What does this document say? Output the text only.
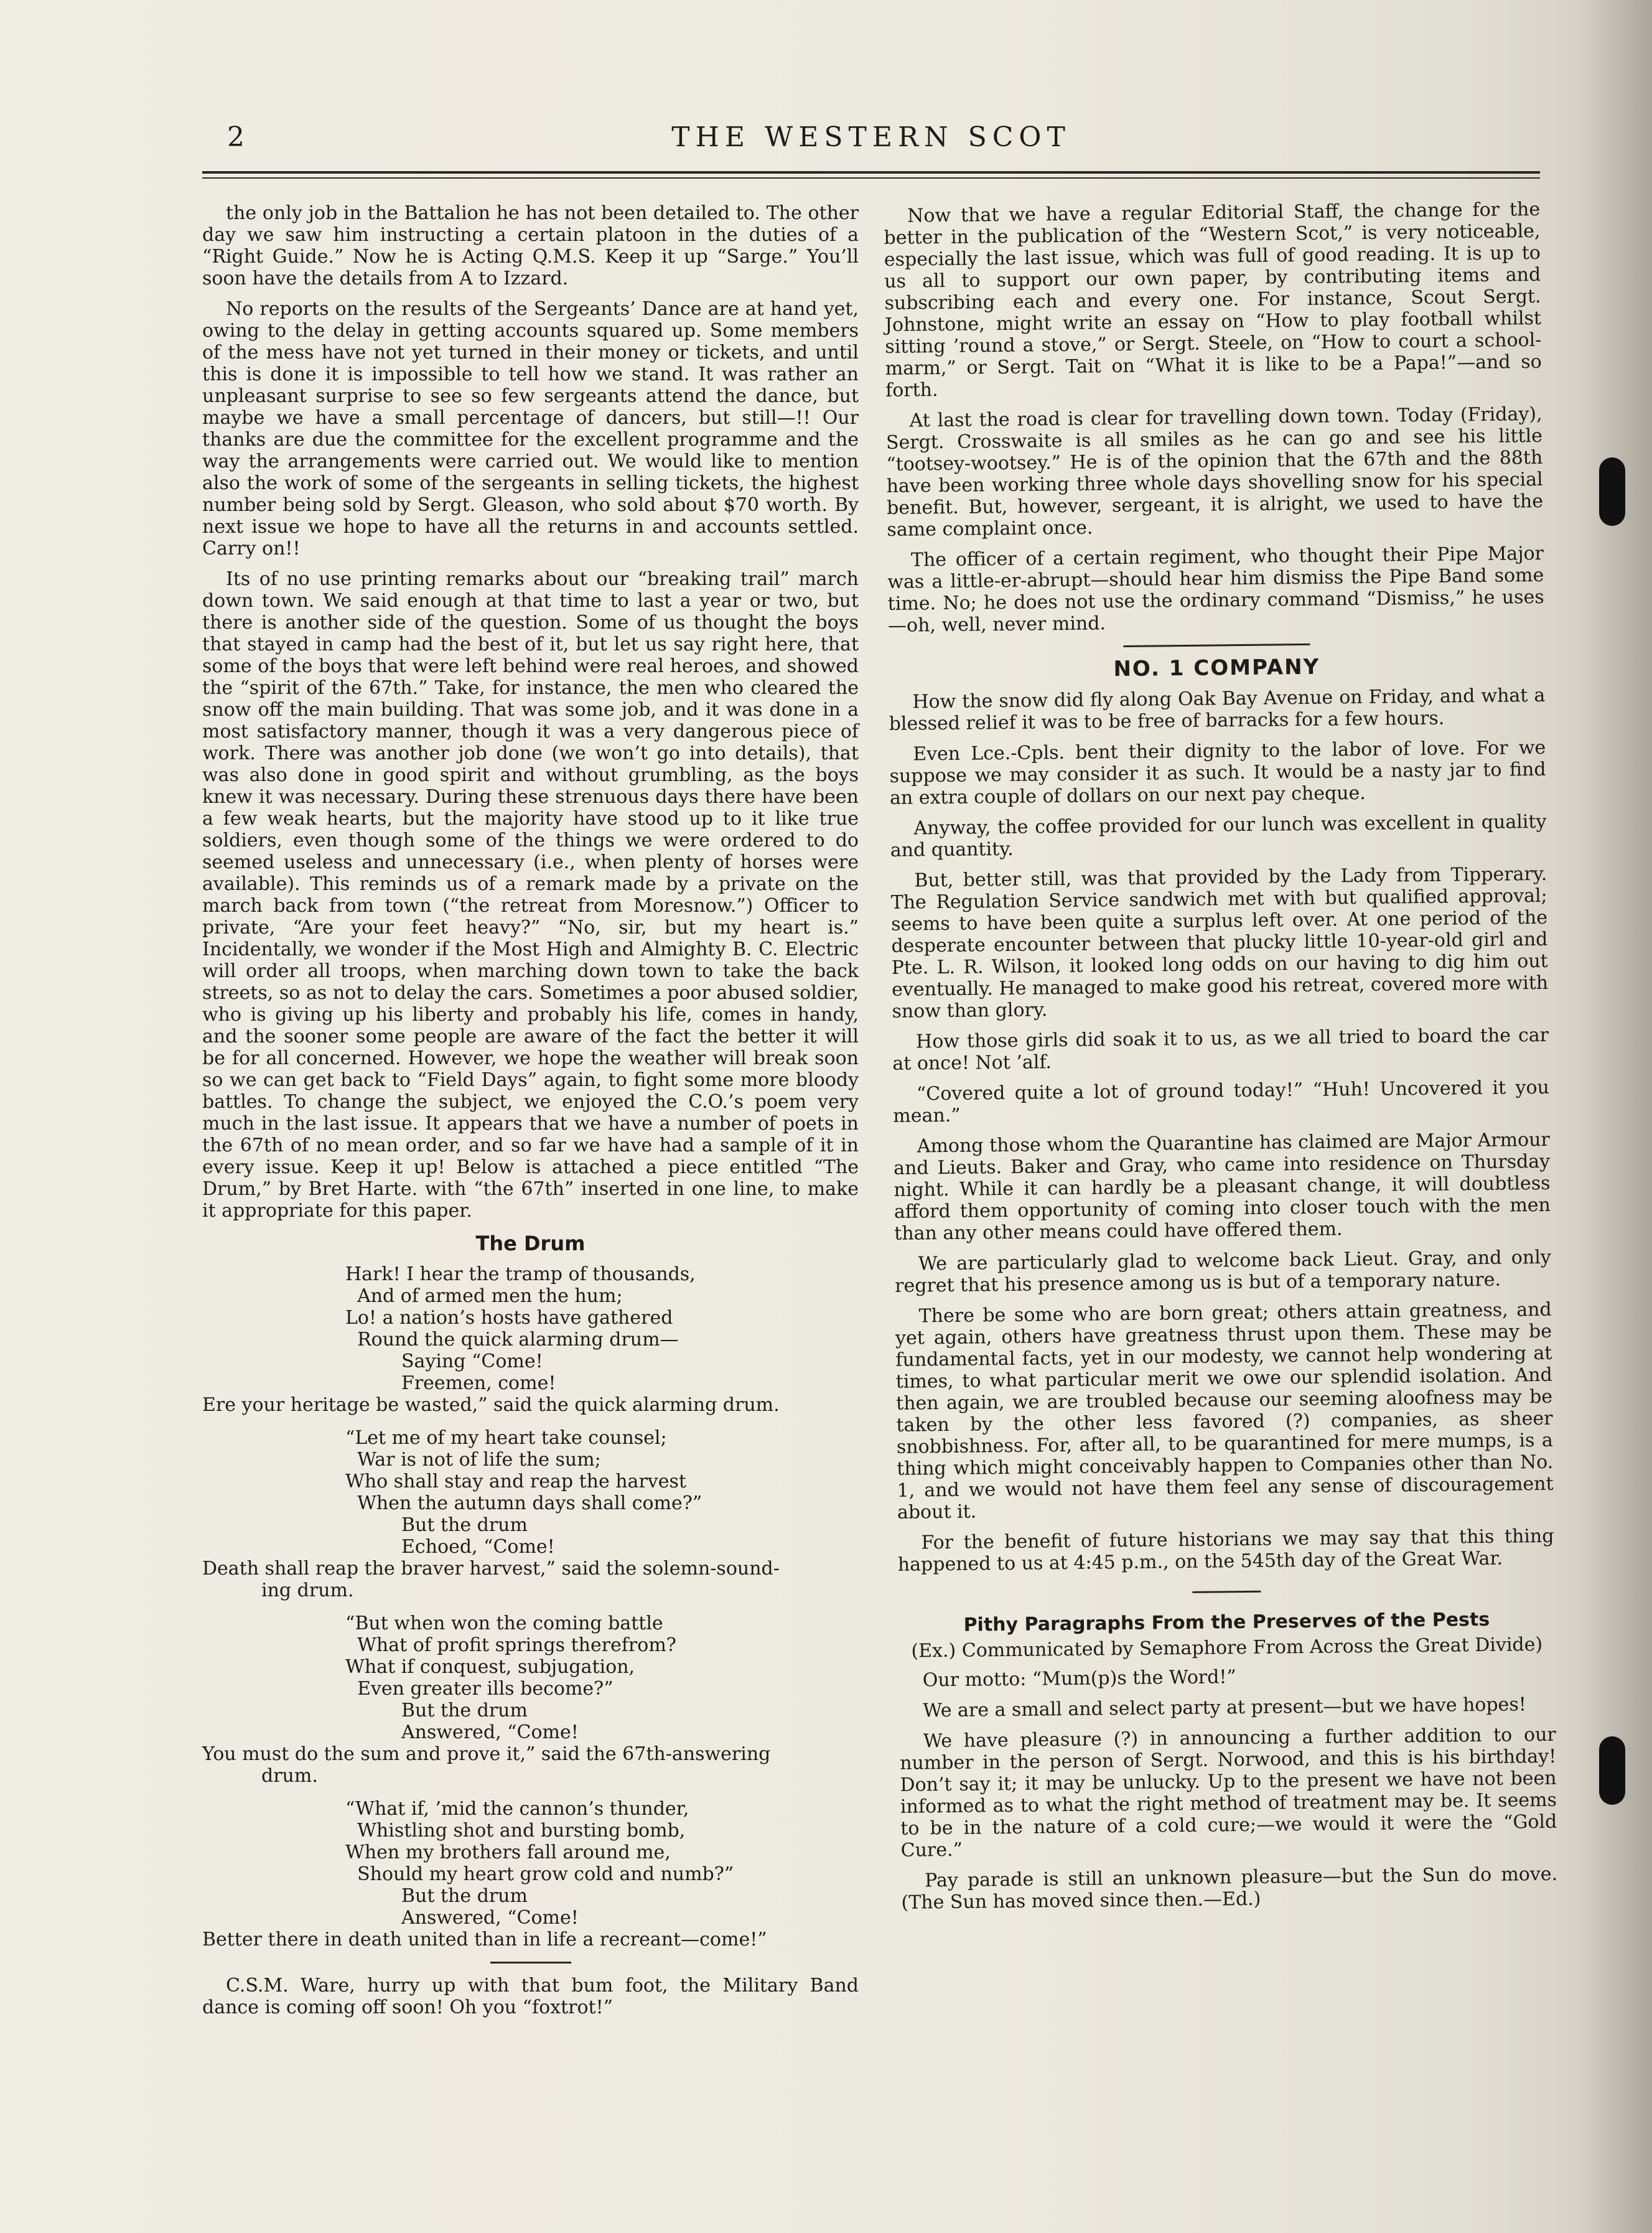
2	THE WESTERN SCOT

the only job in the Battalion he has not been detailed to. The other day we saw him instructing a certain platoon in the duties of a “Right Guide.” Now he is Acting Q.M.S. Keep it up “Sarge.” You’ll soon have the details from A to Izzard.

No reports on the results of the Sergeants’ Dance are at hand yet, owing to the delay in getting accounts squared up. Some members of the mess have not yet turned in their money or tickets, and until this is done it is impossible to tell how we stand. It was rather an unpleasant surprise to see so few sergeants attend the dance, but maybe we have a small percentage of dancers, but still—!! Our thanks are due the committee for the excellent programme and the way the arrangements were carried out. We would like to mention also the work of some of the sergeants in selling tickets, the highest number being sold by Sergt. Gleason, who sold about $70 worth. By next issue we hope to have all the returns in and accounts settled. Carry on!!

Its of no use printing remarks about our “breaking trail” march down town. We said enough at that time to last a year or two, but there is another side of the question. Some of us thought the boys that stayed in camp had the best of it, but let us say right here, that some of the boys that were left behind were real heroes, and showed the “spirit of the 67th.” Take, for instance, the men who cleared the snow off the main building. That was some job, and it was done in a most satisfactory manner, though it was a very dangerous piece of work. There was another job done (we won’t go into details), that was also done in good spirit and without grumbling, as the boys knew it was necessary. During these strenuous days there have been a few weak hearts, but the majority have stood up to it like true soldiers, even though some of the things we were ordered to do seemed useless and unnecessary (i.e., when plenty of horses were available). This reminds us of a remark made by a private on the march back from town (“the retreat from Moresnow.”) Officer to private, “Are your feet heavy?” “No, sir, but my heart is.” Incidentally, we wonder if the Most High and Almighty B. C. Electric will order all troops, when marching down town to take the back streets, so as not to delay the cars. Sometimes a poor abused soldier, who is giving up his liberty and probably his life, comes in handy, and the sooner some people are aware of the fact the better it will be for all concerned. However, we hope the weather will break soon so we can get back to “Field Days” again, to fight some more bloody battles. To change the subject, we enjoyed the C.O.’s poem very much in the last issue. It appears that we have a number of poets in the 67th of no mean order, and so far we have had a sample of it in every issue. Keep it up! Below is attached a piece entitled “The Drum,” by Bret Harte. with “the 67th” inserted in one line, to make it appropriate for this paper.

The Drum
Hark! I hear the tramp of thousands,
And of armed men the hum;
Lo! a nation’s hosts have gathered
Round the quick alarming drum—
Saying “Come!
Freemen, come!
Ere your heritage be wasted,” said the quick alarming drum.
“Let me of my heart take counsel;
War is not of life the sum;
Who shall stay and reap the harvest
When the autumn days shall come?”
But the drum
Echoed, “Come!
Death shall reap the braver harvest,” said the solemn-sound-
ing drum.
“But when won the coming battle
What of profit springs therefrom?
What if conquest, subjugation,
Even greater ills become?”
But the drum
Answered, “Come!
You must do the sum and prove it,” said the 67th-answering
drum.
“What if, ’mid the cannon’s thunder,
Whistling shot and bursting bomb,
When my brothers fall around me,
Should my heart grow cold and numb?”
But the drum
Answered, “Come!
Better there in death united than in life a recreant—come!”

C.S.M. Ware, hurry up with that bum foot, the Military Band dance is coming off soon! Oh you “foxtrot!”

Now that we have a regular Editorial Staff, the change for the better in the publication of the “Western Scot,” is very noticeable, especially the last issue, which was full of good reading. It is up to us all to support our own paper, by contributing items and subscribing each and every one. For instance, Scout Sergt. Johnstone, might write an essay on “How to play football whilst sitting ’round a stove,” or Sergt. Steele, on “How to court a school-marm,” or Sergt. Tait on “What it is like to be a Papa!”—and so forth.

At last the road is clear for travelling down town. Today (Friday), Sergt. Crosswaite is all smiles as he can go and see his little “tootsey-wootsey.” He is of the opinion that the 67th and the 88th have been working three whole days shovelling snow for his special benefit. But, however, sergeant, it is alright, we used to have the same complaint once.

The officer of a certain regiment, who thought their Pipe Major was a little-er-abrupt—should hear him dismiss the Pipe Band some time. No; he does not use the ordinary command “Dismiss,” he uses—oh, well, never mind.

NO. 1 COMPANY

How the snow did fly along Oak Bay Avenue on Friday, and what a blessed relief it was to be free of barracks for a few hours.

Even Lce.-Cpls. bent their dignity to the labor of love. For we suppose we may consider it as such. It would be a nasty jar to find an extra couple of dollars on our next pay cheque.

Anyway, the coffee provided for our lunch was excellent in quality and quantity.

But, better still, was that provided by the Lady from Tipperary. The Regulation Service sandwich met with but qualified approval; seems to have been quite a surplus left over. At one period of the desperate encounter between that plucky little 10-year-old girl and Pte. L. R. Wilson, it looked long odds on our having to dig him out eventually. He managed to make good his retreat, covered more with snow than glory.

How those girls did soak it to us, as we all tried to board the car at once! Not ’alf.

“Covered quite a lot of ground today!” “Huh! Uncovered it you mean.”

Among those whom the Quarantine has claimed are Major Armour and Lieuts. Baker and Gray, who came into residence on Thursday night. While it can hardly be a pleasant change, it will doubtless afford them opportunity of coming into closer touch with the men than any other means could have offered them.

We are particularly glad to welcome back Lieut. Gray, and only regret that his presence among us is but of a temporary nature.

There be some who are born great; others attain greatness, and yet again, others have greatness thrust upon them. These may be fundamental facts, yet in our modesty, we cannot help wondering at times, to what particular merit we owe our splendid isolation. And then again, we are troubled because our seeming aloofness may be taken by the other less favored (?) companies, as sheer snobbishness. For, after all, to be quarantined for mere mumps, is a thing which might conceivably happen to Companies other than No. 1, and we would not have them feel any sense of discouragement about it.

For the benefit of future historians we may say that this thing happened to us at 4:45 p.m., on the 545th day of the Great War.

Pithy Paragraphs From the Preserves of the Pests
(Ex.) Communicated by Semaphore From Across the Great Divide)

Our motto: “Mum(p)s the Word!”

We are a small and select party at present—but we have hopes!

We have pleasure (?) in announcing a further addition to our number in the person of Sergt. Norwood, and this is his birthday! Don’t say it; it may be unlucky. Up to the present we have not been informed as to what the right method of treatment may be. It seems to be in the nature of a cold cure;—we would it were the “Gold Cure.”

Pay parade is still an unknown pleasure—but the Sun do move. (The Sun has moved since then.—Ed.)
